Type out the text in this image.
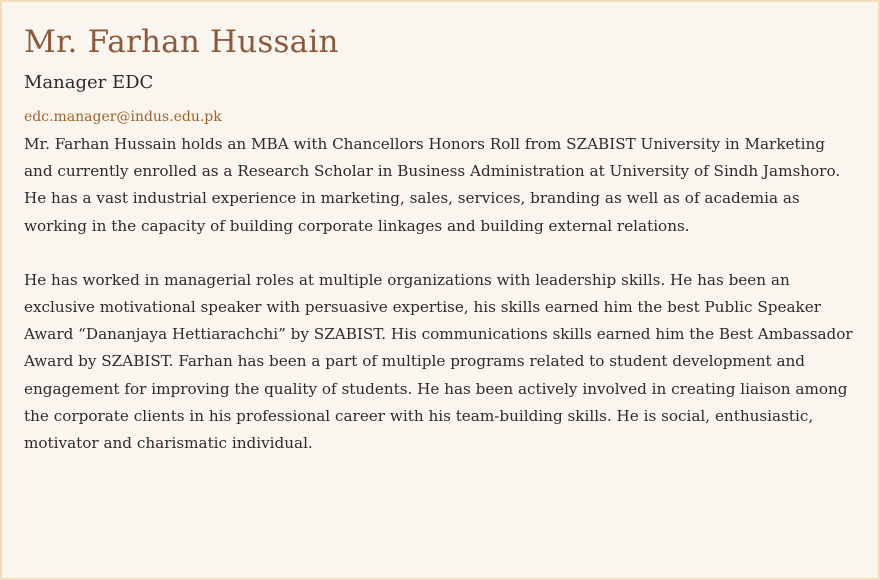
Mr. Farhan Hussain
Manager EDC
edc.manager@indus.edu.pk

Mr. Farhan Hussain holds an MBA with Chancellors Honors Roll from SZABIST University in Marketing and currently enrolled as a Research Scholar in Business Administration at University of Sindh Jamshoro. He has a vast industrial experience in marketing, sales, services, branding as well as of academia as working in the capacity of building corporate linkages and building external relations.

He has worked in managerial roles at multiple organizations with leadership skills. He has been an exclusive motivational speaker with persuasive expertise, his skills earned him the best Public Speaker Award “Dananjaya Hettiarachchi” by SZABIST. His communications skills earned him the Best Ambassador Award by SZABIST. Farhan has been a part of multiple programs related to student development and engagement for improving the quality of students. He has been actively involved in creating liaison among the corporate clients in his professional career with his team-building skills. He is social, enthusiastic, motivator and charismatic individual.
